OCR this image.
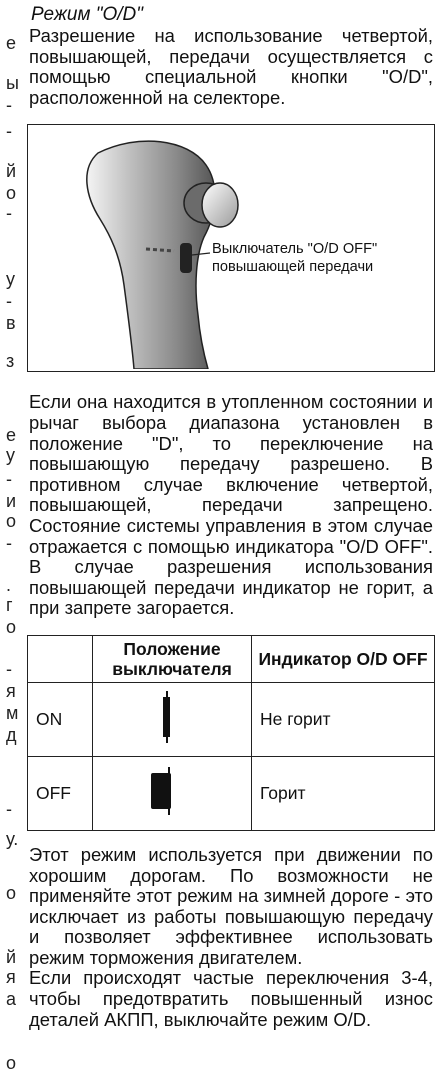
е
ы
-
-
й
о
-
у
-
в
з
е
у
-
и
о
-
.
г
о
-
я
м
д
-
у.
о
й
я
а
о
Режим "O/D"

Разрешение на использование четвертой, повышающей, передачи осуществляется с помощью специальной кнопки "O/D", расположенной на селекторе.

Выключатель "O/D OFF"
повышающей передачи

Если она находится в утопленном состоянии и рычаг выбора диапазона установлен в положение "D", то переключение на повышающую передачу разрешено. В противном случае включение четвертой, повышающей, передачи запрещено. Состояние системы управления в этом случае отражается с помощью индикатора "O/D OFF". В случае разрешения использования повышающей передачи индикатор не горит, а при запрете загорается.

	Положение выключателя	Индикатор O/D OFF
ON		Не горит
OFF		Горит

Этот режим используется при движении по хорошим дорогам. По возможности не применяйте этот режим на зимней дороге - это исключает из работы повышающую передачу и позволяет эффективнее использовать режим торможения двигателем.

Если происходят частые переключения 3-4, чтобы предотвратить повышенный износ деталей АКПП, выключайте режим O/D.
